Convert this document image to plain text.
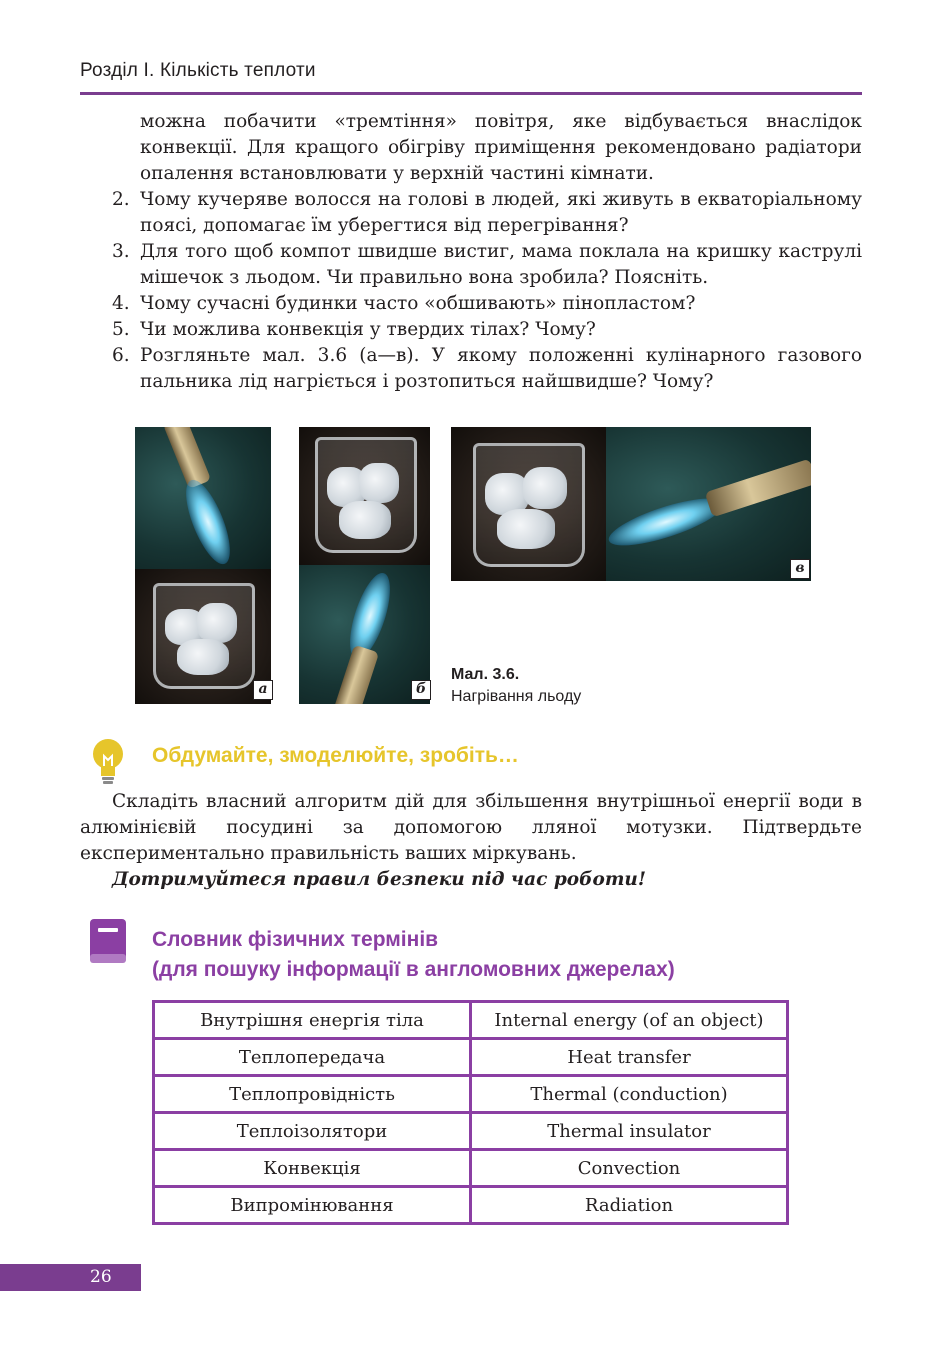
Розділ І. Кількість теплоти
можна побачити «тремтіння» повітря, яке відбувається внаслідок конвекції. Для кращого обігріву приміщення рекомендовано радіатори опалення встановлювати у верхній частині кімнати.
2. Чому кучеряве волосся на голові в людей, які живуть в екваторіальному поясі, допомагає їм уберегтися від перегрівання?
3. Для того щоб компот швидше вистиг, мама поклала на кришку каструлі мішечок з льодом. Чи правильно вона зробила? Поясніть.
4. Чому сучасні будинки часто «обшивають» пінопластом?
5. Чи можлива конвекція у твердих тілах? Чому?
6. Розгляньте мал. 3.6 (а—в). У якому положенні кулінарного газового пальника лід нагріється і розтопиться найшвидше? Чому?
а	б
в
Мал. 3.6.
Нагрівання льоду
Обдумайте, змоделюйте, зробіть…
Складіть власний алгоритм дій для збільшення внутрішньої енергії води в алюмінієвій посудині за допомогою лляної мотузки. Підтвердьте експериментально правильність ваших міркувань.
Дотримуйтеся правил безпеки під час роботи!
Словник фізичних термінів
(для пошуку інформації в англомовних джерелах)
Внутрішня енергія тіла	Internal energy (of an object)
Теплопередача	Heat transfer
Теплопровідність	Thermal (conduction)
Теплоізолятори	Thermal insulator
Конвекція	Convection
Випромінювання	Radiation
26
